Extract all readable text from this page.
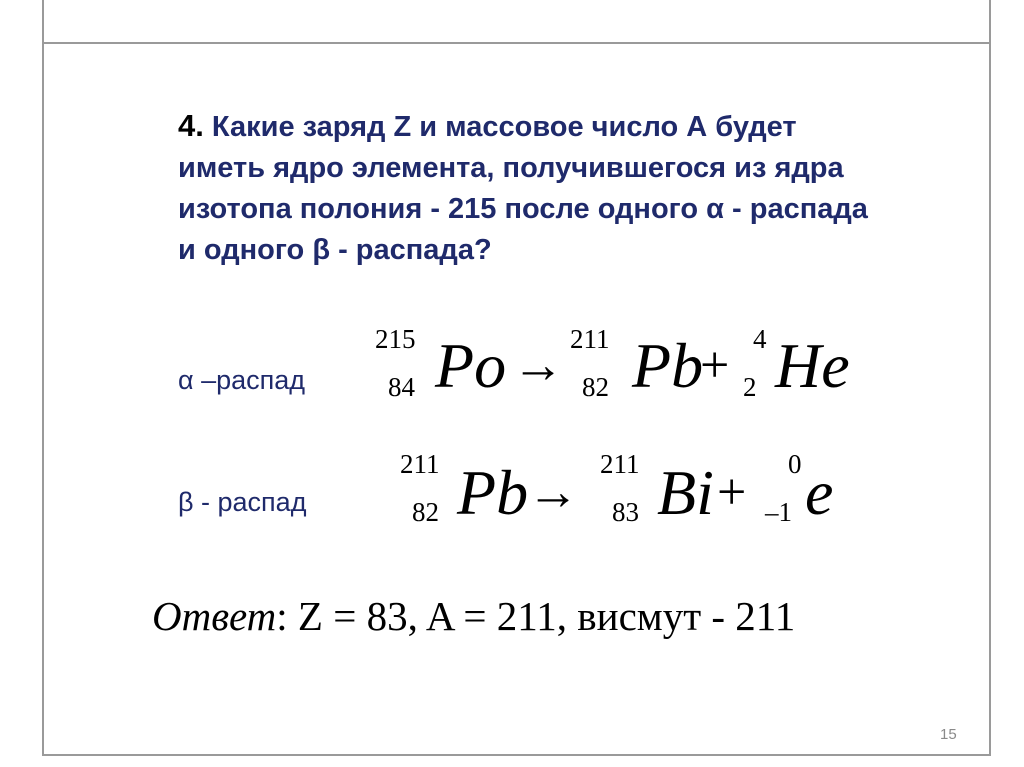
4. Какие заряд Z и массовое число А будет
иметь ядро элемента, получившегося из ядра
изотопа полония - 215 после одного α - распада
и одного β - распада?
α –распад
215
84 Po → 211
82 Pb
+ 4
2 He
β - распад
211
82 Pb
→ 211
83 Bi + 0
–1 e
Ответ: Z = 83, A = 211, висмут - 211
15
